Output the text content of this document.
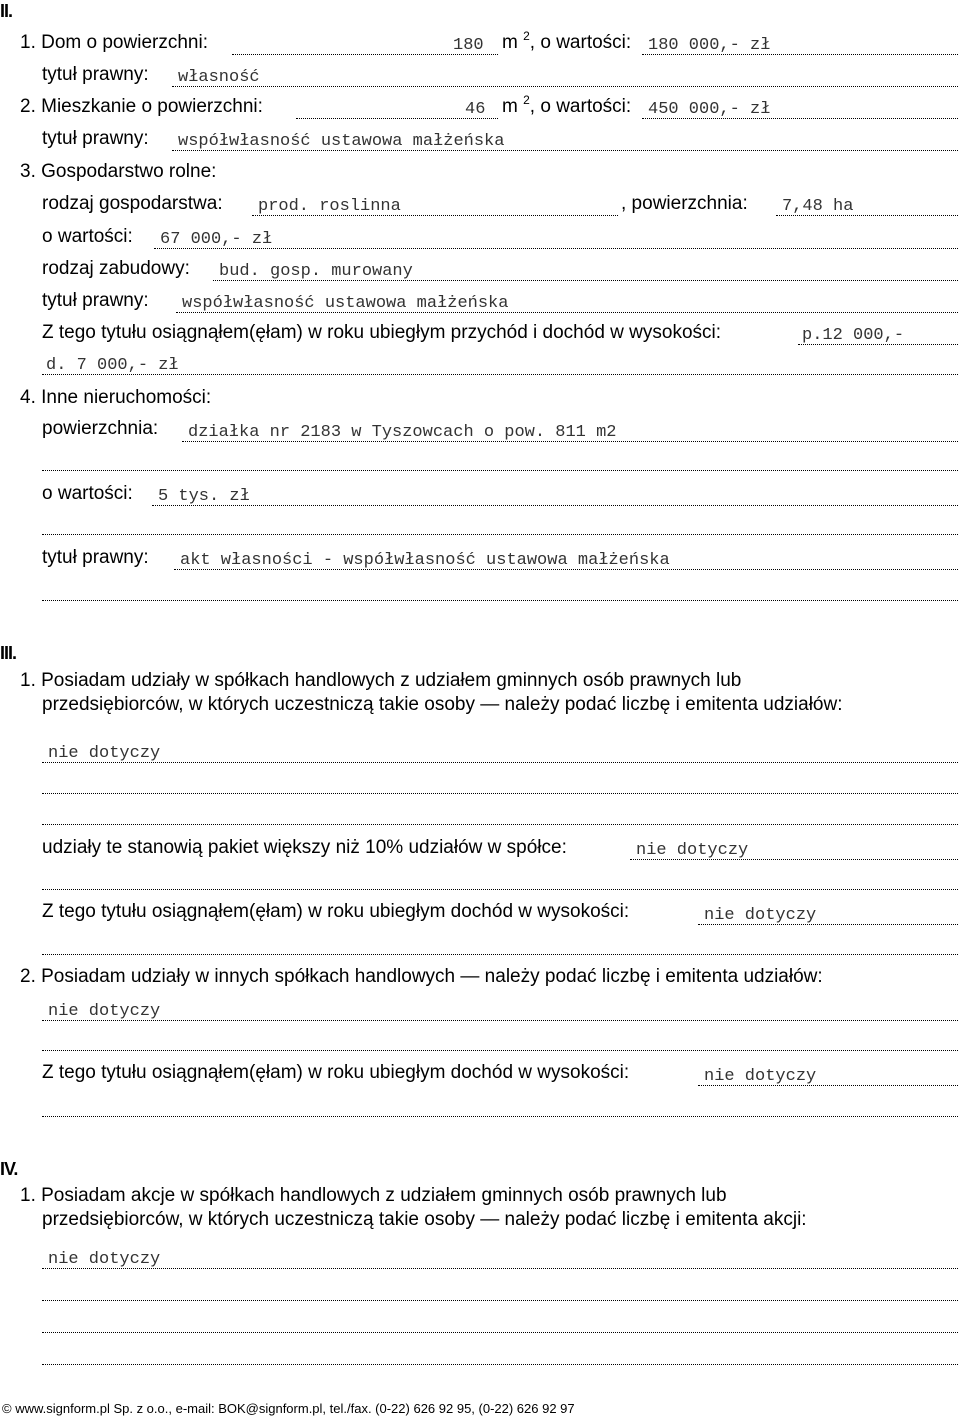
II.
1. Dom o powierzchni:	180 m $^2$, o wartości: 180 000,- zł
tytuł prawny: własność
2. Mieszkanie o powierzchni:	46 m $^2$, o wartości: 450 000,- zł
tytuł prawny: współwłasność ustawowa małżeńska
3. Gospodarstwo rolne:
rodzaj gospodarstwa: prod. roslinna	, powierzchnia: 7,48 ha
o wartości: 67 000,- zł
rodzaj zabudowy: bud. gosp. murowany
tytuł prawny: współwłasność ustawowa małżeńska
Z tego tytułu osiągnąłem(ęłam) w roku ubiegłym przychód i dochód w wysokości:	p.12 000,-
d. 7 000,- zł
4. Inne nieruchomości:
powierzchnia: działka nr 2183 w Tyszowcach o pow. 811 m2
o wartości: 5 tys. zł
tytuł prawny: akt własności - współwłasność ustawowa małżeńska
III.
1. Posiadam udziały w spółkach handlowych z udziałem gminnych osób prawnych lub
przedsiębiorców, w których uczestniczą takie osoby — należy podać liczbę i emitenta udziałów:
nie dotyczy
udziały te stanowią pakiet większy niż 10% udziałów w spółce:	nie dotyczy
Z tego tytułu osiągnąłem(ęłam) w roku ubiegłym dochód w wysokości:	nie dotyczy
2. Posiadam udziały w innych spółkach handlowych — należy podać liczbę i emitenta udziałów:
nie dotyczy
Z tego tytułu osiągnąłem(ęłam) w roku ubiegłym dochód w wysokości:	nie dotyczy
IV.
1. Posiadam akcje w spółkach handlowych z udziałem gminnych osób prawnych lub
przedsiębiorców, w których uczestniczą takie osoby — należy podać liczbę i emitenta akcji:
nie dotyczy
© www.signform.pl Sp. z o.o., e-mail: BOK@signform.pl, tel./fax. (0-22) 626 92 95, (0-22) 626 92 97
